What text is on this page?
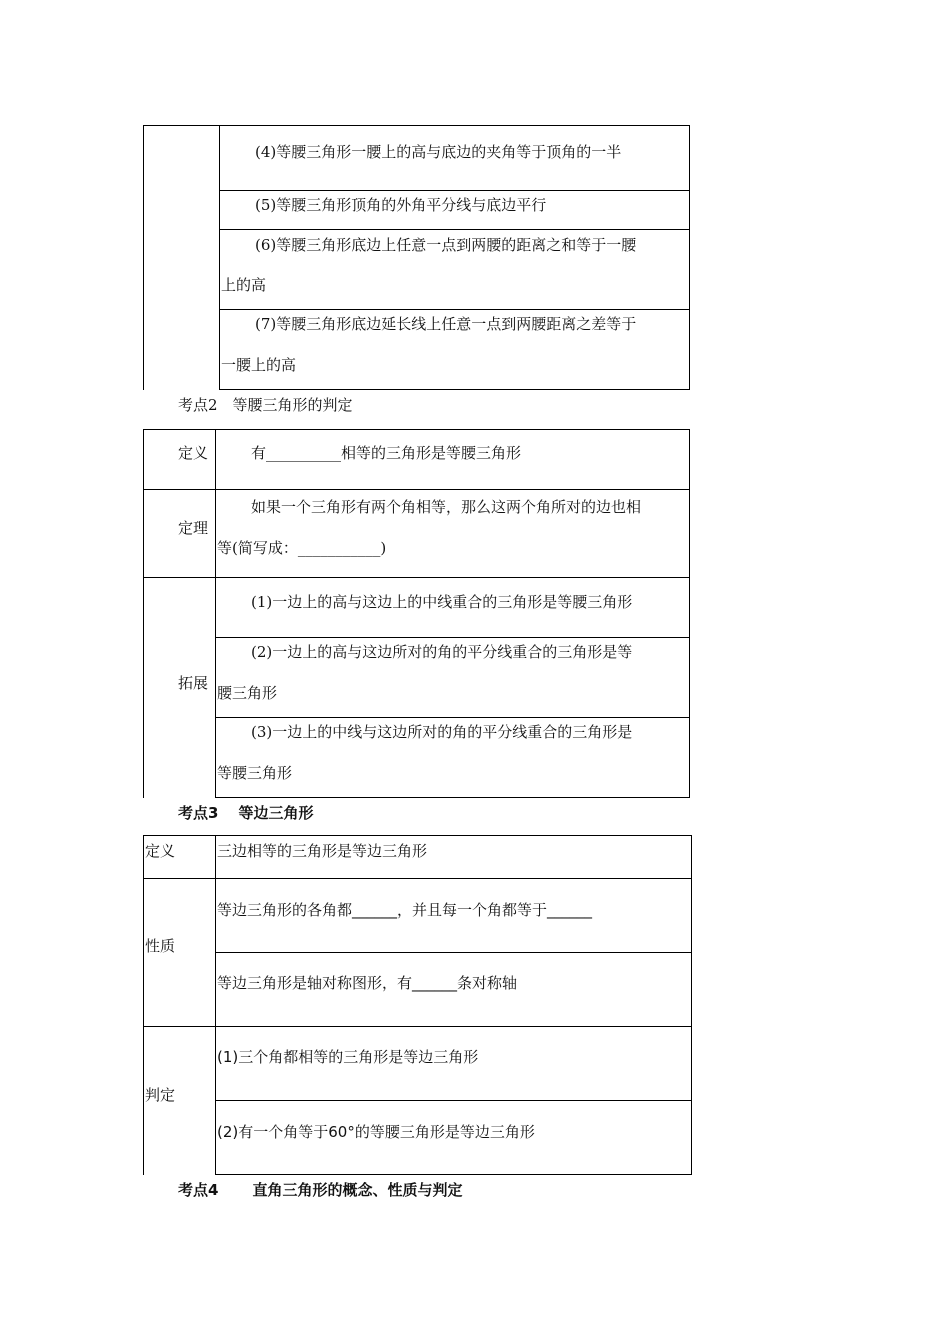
(4)等腰三角形一腰上的高与底边的夹角等于顶角的一半
(5)等腰三角形顶角的外角平分线与底边平行
(6)等腰三角形底边上任意一点到两腰的距离之和等于一腰
上的高
(7)等腰三角形底边延长线上任意一点到两腰距离之差等于
一腰上的高
考点2　等腰三角形的判定
定义	有__________相等的三角形是等腰三角形
定理
如果一个三角形有两个角相等，那么这两个角所对的边也相
等(简写成：___________)
拓展
(1)一边上的高与这边上的中线重合的三角形是等腰三角形
(2)一边上的高与这边所对的角的平分线重合的三角形是等
腰三角形
(3)一边上的中线与这边所对的角的平分线重合的三角形是
等腰三角形
考点3 等边三角形
定义	三边相等的三角形是等边三角形
性质
等边三角形的各角都______，并且每一个角都等于______
等边三角形是轴对称图形，有______条对称轴
判定
(1)三个角都相等的三角形是等边三角形
(2)有一个角等于60°的等腰三角形是等边三角形
考点4 直角三角形的概念、性质与判定
